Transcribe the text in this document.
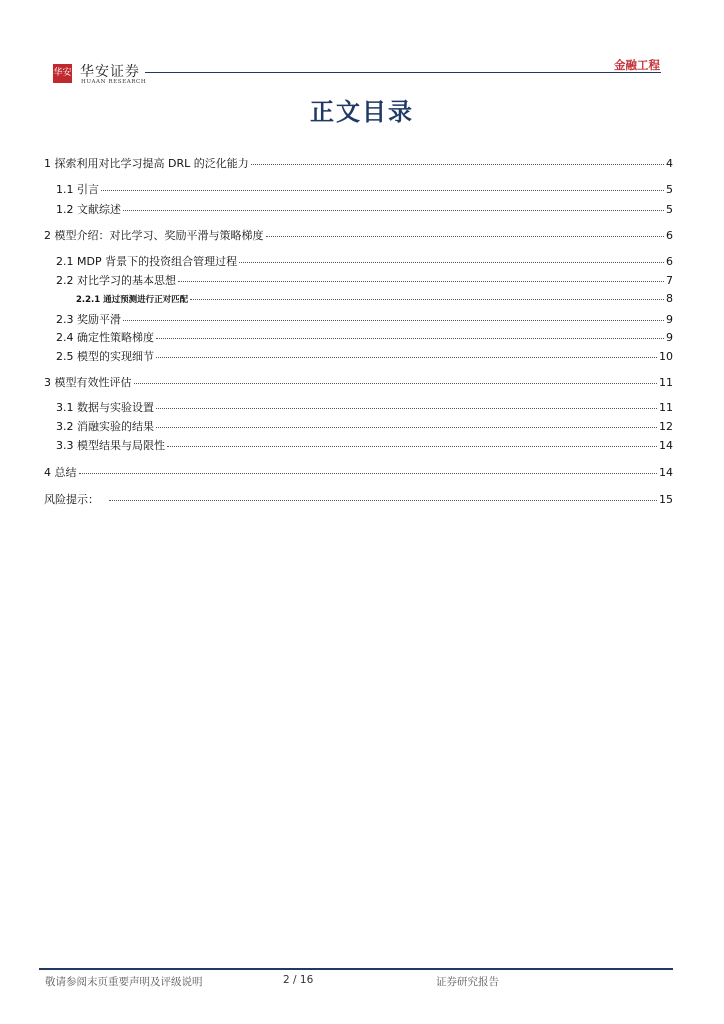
华安 华安证券
HUAAN RESEARCH
金融工程
正文目录
1 探索利用对比学习提高 DRL 的泛化能力	4
1.1 引言	5
1.2 文献综述	5
2 模型介绍：对比学习、奖励平滑与策略梯度	6
2.1 MDP 背景下的投资组合管理过程	6
2.2 对比学习的基本思想	7
2.2.1 通过预测进行正对匹配	8
2.3 奖励平滑	9
2.4 确定性策略梯度	9
2.5 模型的实现细节	10
3 模型有效性评估	11
3.1 数据与实验设置	11
3.2 消融实验的结果	12
3.3 模型结果与局限性	14
4 总结	14
风险提示：	15
敬请参阅末页重要声明及评级说明	2 / 16	证券研究报告
